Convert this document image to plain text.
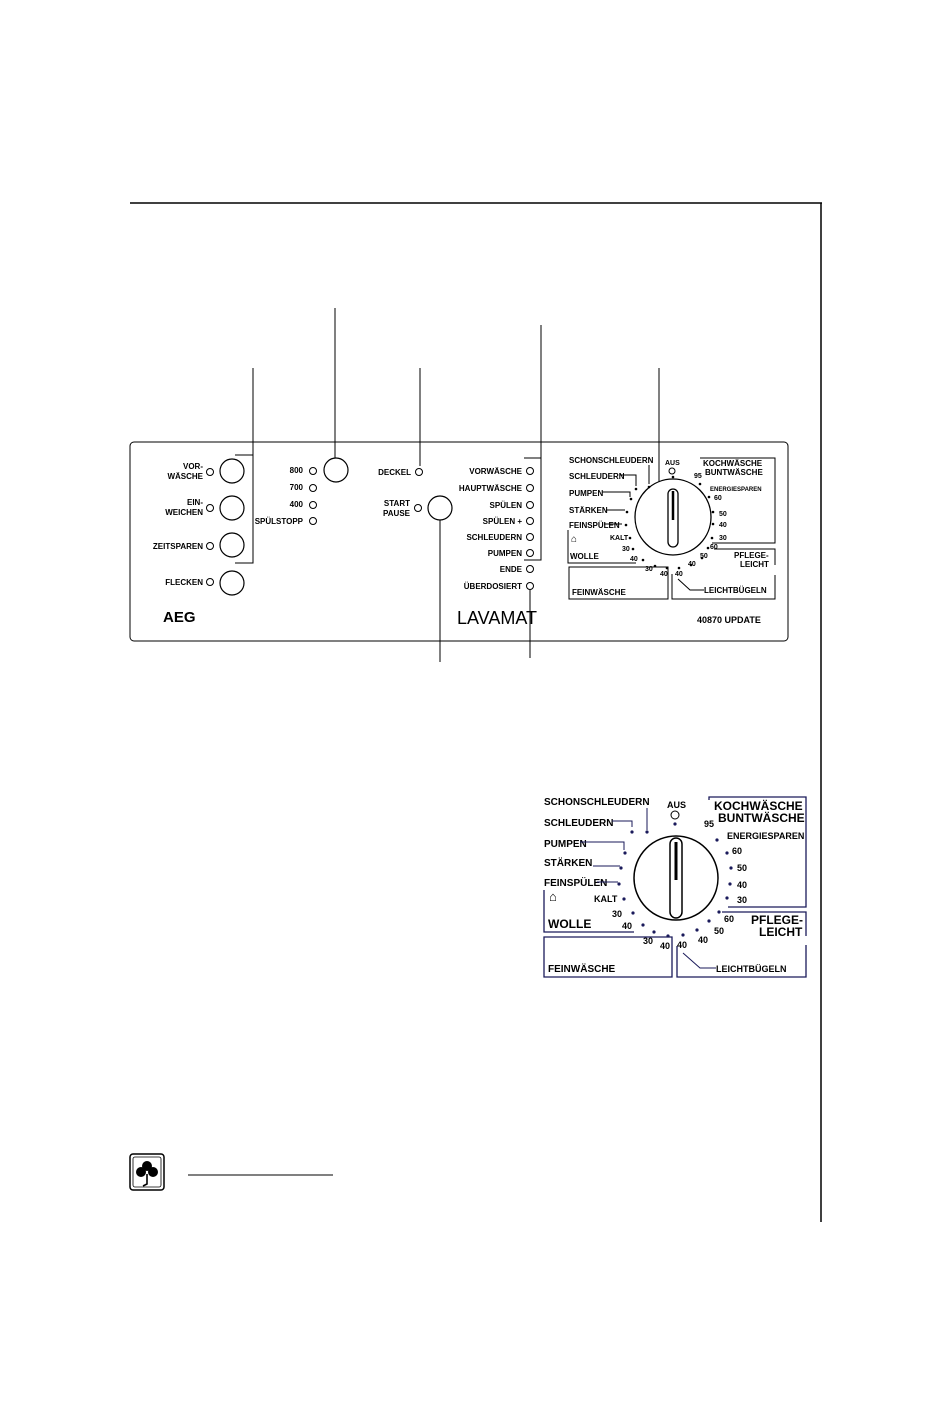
VOR-
WÄSCHE
EIN-
WEICHEN
ZEITSPAREN
FLECKEN
800
700
400
SPÜLSTOPP
DECKEL
START
PAUSE
VORWÄSCHE
HAUPTWÄSCHE
SPÜLEN
SPÜLEN +
SCHLEUDERN
PUMPEN
ENDE
ÜBERDOSIERT
KOCHWÄSCHE
BUNTWÄSCHE
ENERGIESPAREN
95
60
50
40
30
AUS
SCHONSCHLEUDERN
SCHLEUDERN
PUMPEN
STÄRKEN
FEINSPÜLEN
KALT
30
40
30
40 40
40
50
60
PFLEGE-
LEICHT
⌂
WOLLE
FEINWÄSCHE	LEICHTBÜGELN
AEG	LAVAMAT	40870 UPDATE
KOCHWÄSCHE
BUNTWÄSCHE
ENERGIESPAREN
AUS
95
60
50
40
30
SCHONSCHLEUDERN
SCHLEUDERN
PUMPEN
STÄRKEN
FEINSPÜLEN
⌂	KALT
30
40
30 40 40 40
50
60 PFLEGE-
LEICHT
WOLLE
FEINWÄSCHE	LEICHTBÜGELN
